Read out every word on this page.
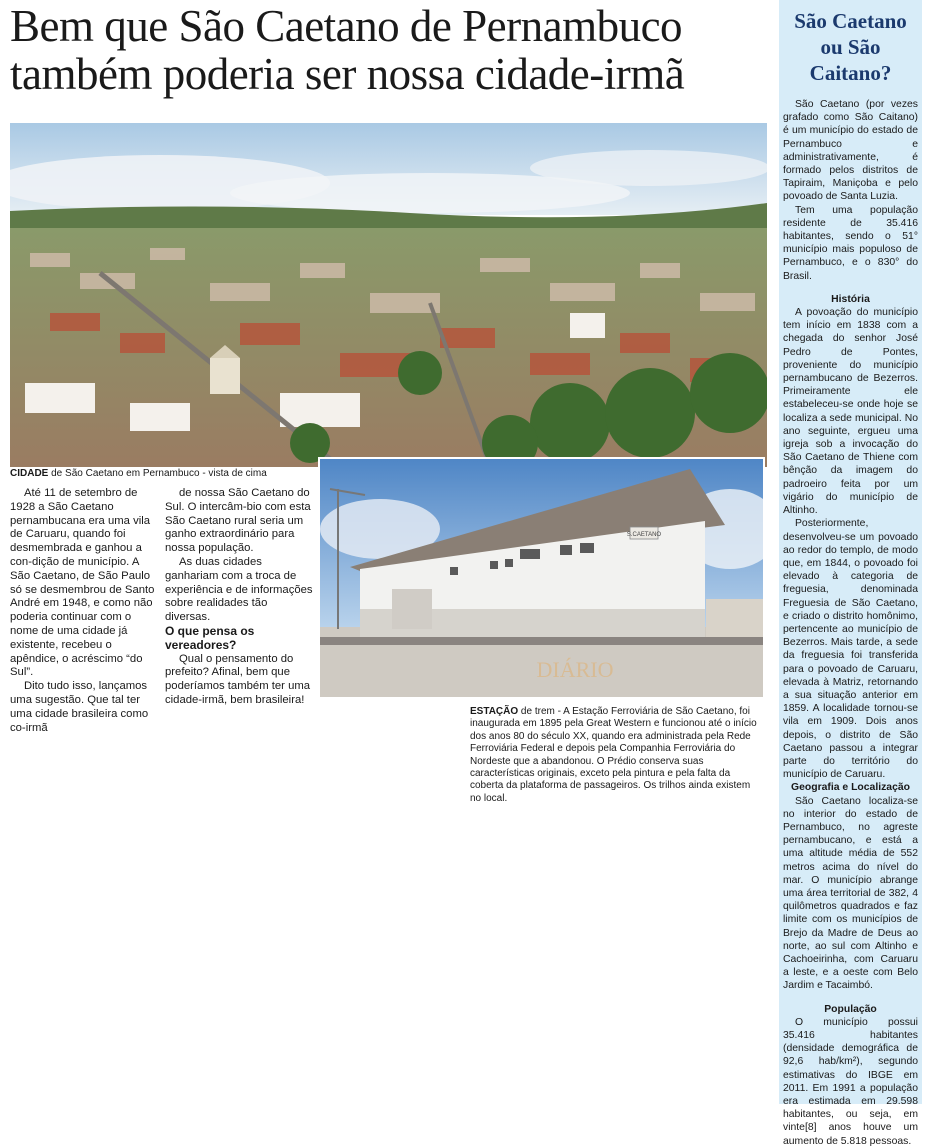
Bem que São Caetano de Pernambuco também poderia ser nossa cidade-irmã
CIDADE de São Caetano em Pernambuco - vista de cima

Até 11 de setembro de 1928 a São Caetano pernambucana era uma vila de Caruaru, quando foi desmembrada e ganhou a con-dição de município. A São Caetano, de São Paulo só se desmembrou de Santo André em 1948, e como não poderia continuar com o nome de uma cidade já existente, recebeu o apêndice, o acréscimo “do Sul”.

Dito tudo isso, lançamos uma sugestão. Que tal ter uma cidade brasileira como co-irmã

de nossa São Caetano do Sul. O intercâm-bio com esta São Caetano rural seria um ganho extraordinário para nossa população.

As duas cidades ganhariam com a troca de experiência e de informações sobre realidades tão diversas.

O que pensa os vereadores?

Qual o pensamento do prefeito? Afinal, bem que poderíamos também ter uma cidade-irmã, bem brasileira!

S.CAETANO
DIÁRIO
ESTAÇÃO de trem - A Estação Ferroviária de São Caetano, foi inaugurada em 1895 pela Great Western e funcionou até o início dos anos 80 do século XX, quando era administrada pela Rede Ferroviária Federal e depois pela Companhia Ferroviária do Nordeste que a abandonou. O Prédio conserva suas características originais, exceto pela pintura e pela falta da coberta da plataforma de passageiros. Os trilhos ainda existem no local.
São Caetano ou São Caitano?

São Caetano (por vezes grafado como São Caitano) é um município do estado de Pernambuco e administrativamente, é formado pelos distritos de Tapiraim, Maniçoba e pelo povoado de Santa Luzia.

Tem uma população residente de 35.416 habitantes, sendo o 51° município mais populoso de Pernambuco, e o 830° do Brasil.

História

A povoação do município tem início em 1838 com a chegada do senhor José Pedro de Pontes, proveniente do município pernambucano de Bezerros. Primeiramente ele estabeleceu-se onde hoje se localiza a sede municipal. No ano seguinte, ergueu uma igreja sob a invocação do São Caetano de Thiene com bênção da imagem do padroeiro feita por um vigário do município de Altinho.

Posteriormente, desenvolveu-se um povoado ao redor do templo, de modo que, em 1844, o povoado foi elevado à categoria de freguesia, denominada Freguesia de São Caetano, e criado o distrito homônimo, pertencente ao município de Bezerros. Mais tarde, a sede da freguesia foi transferida para o povoado de Caruaru, elevada à Matriz, retornando a sua situação anterior em 1859. A localidade tornou-se vila em 1909. Dois anos depois, o distrito de São Caetano passou a integrar parte do território do município de Caruaru.

Geografia e Localização

São Caetano localiza-se no interior do estado de Pernambuco, no agreste pernambucano, e está a uma altitude média de 552 metros acima do nível do mar. O município abrange uma área territorial de 382, 4 quilômetros quadrados e faz limite com os municípios de Brejo da Madre de Deus ao norte, ao sul com Altinho e Cachoeirinha, com Caruaru a leste, e a oeste com Belo Jardim e Tacaimbó.

População

O município possui 35.416 habitantes (densidade demográfica de 92,6 hab/km²), segundo estimativas do IBGE em 2011. Em 1991 a população era estimada em 29.598 habitantes, ou seja, em vinte[8] anos houve um aumento de 5.818 pessoas.
